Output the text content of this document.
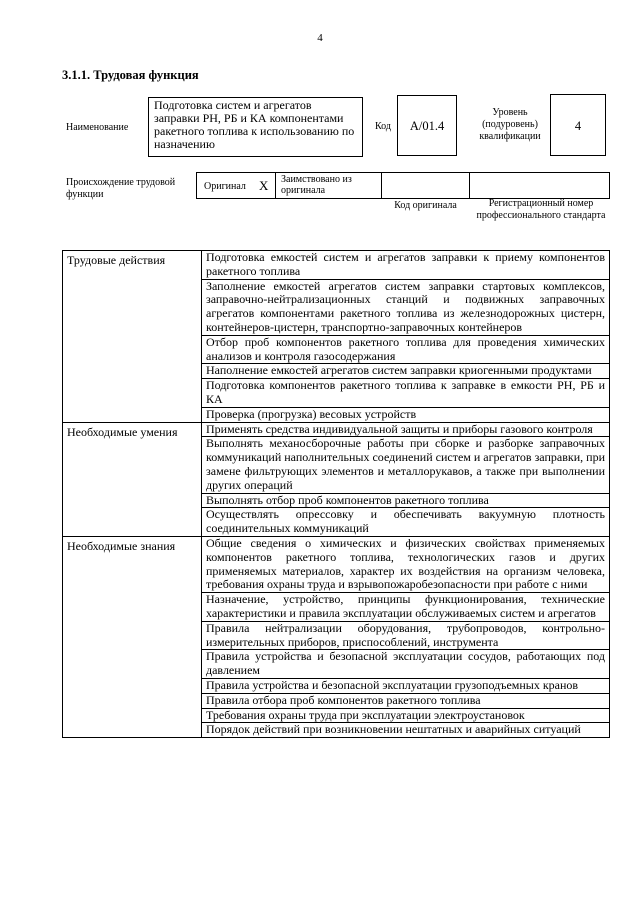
4
3.1.1. Трудовая функция
Наименование
Подготовка систем и агрегатов заправки РН, РБ и КА компонентами ракетного топлива к использованию по назначению
Код	А/01.4
Уровень (подуровень) квалификации
4
Происхождение трудовой функции
Оригинал X Заимствовано из оригинала
Код оригинала	Регистрационный номер профессионального стандарта
Трудовые действия	Подготовка емкостей систем и агрегатов заправки к приему компонентов ракетного топлива
	Заполнение емкостей агрегатов систем заправки стартовых комплексов, заправочно-нейтрализационных станций и подвижных заправочных агрегатов компонентами ракетного топлива из железнодорожных цистерн, контейнеров-цистерн, транспортно-заправочных контейнеров
	Отбор проб компонентов ракетного топлива для проведения химических анализов и контроля газосодержания
	Наполнение емкостей агрегатов систем заправки криогенными продуктами
	Подготовка компонентов ракетного топлива к заправке в емкости РН, РБ и КА
	Проверка (прогрузка) весовых устройств
Необходимые умения	Применять средства индивидуальной защиты и приборы газового контроля
	Выполнять механосборочные работы при сборке и разборке заправочных коммуникаций наполнительных соединений систем и агрегатов заправки, при замене фильтрующих элементов и металлорукавов, а также при выполнении других операций
	Выполнять отбор проб компонентов ракетного топлива
	Осуществлять опрессовку и обеспечивать вакуумную плотность соединительных коммуникаций
Необходимые знания	Общие сведения о химических и физических свойствах применяемых компонентов ракетного топлива, технологических газов и других применяемых материалов, характер их воздействия на организм человека, требования охраны труда и взрывопожаробезопасности при работе с ними
	Назначение, устройство, принципы функционирования, технические характеристики и правила эксплуатации обслуживаемых систем и агрегатов
	Правила нейтрализации оборудования, трубопроводов, контрольно-измерительных приборов, приспособлений, инструмента
	Правила устройства и безопасной эксплуатации сосудов, работающих под давлением
	Правила устройства и безопасной эксплуатации грузоподъемных кранов
	Правила отбора проб компонентов ракетного топлива
	Требования охраны труда при эксплуатации электроустановок
	Порядок действий при возникновении нештатных и аварийных ситуаций
